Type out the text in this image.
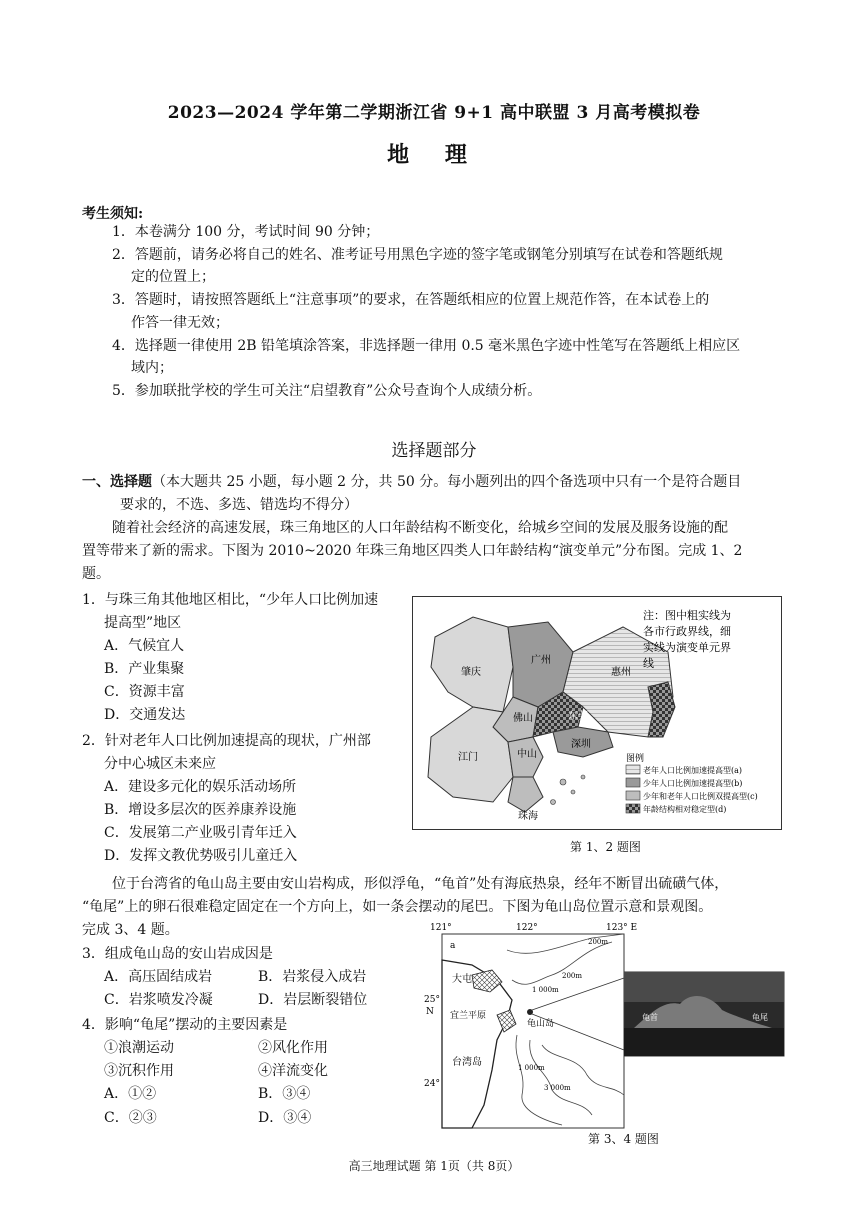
2023—2024 学年第二学期浙江省 9+1 高中联盟 3 月高考模拟卷
地 理
考生须知:
1．本卷满分 100 分，考试时间 90 分钟；
2．答题前，请务必将自己的姓名、准考证号用黑色字迹的签字笔或钢笔分别填写在试卷和答题纸规
定的位置上；
3．答题时，请按照答题纸上“注意事项”的要求，在答题纸相应的位置上规范作答，在本试卷上的
作答一律无效；
4．选择题一律使用 2B 铅笔填涂答案，非选择题一律用 0.5 毫米黑色字迹中性笔写在答题纸上相应区
域内；
5．参加联批学校的学生可关注“启望教育”公众号查询个人成绩分析。
选择题部分
一、选择题（本大题共 25 小题，每小题 2 分，共 50 分。每小题列出的四个备选项中只有一个是符合题目
要求的，不选、多选、错选均不得分）
随着社会经济的高速发展，珠三角地区的人口年龄结构不断变化，给城乡空间的发展及服务设施的配
置等带来了新的需求。下图为 2010~2020 年珠三角地区四类人口年龄结构“演变单元”分布图。完成 1、2
题。
1．与珠三角其他地区相比，“少年人口比例加速
提高型”地区
A．气候宜人
B．产业集聚
C．资源丰富
D．交通发达
2．针对老年人口比例加速提高的现状，广州部
分中心城区未来应
A．建设多元化的娱乐活动场所
B．增设多层次的医养康养设施
C．发展第二产业吸引青年迁入
D．发挥文教优势吸引儿童迁入
肇庆
广州
惠州
佛山	东莞
深圳
中山
江门
珠海
注：图中粗实线为
各市行政界线，细
实线为演变单元界
线
图例
老年人口比例加速提高型(a)
少年人口比例加速提高型(b)
少年和老年人口比例双提高型(c)
年龄结构相对稳定型(d)
第 1、2 题图
位于台湾省的龟山岛主要由安山岩构成，形似浮龟，“龟首”处有海底热泉，经年不断冒出硫磺气体，
“龟尾”上的卵石很难稳定固定在一个方向上，如一条会摆动的尾巴。下图为龟山岛位置示意和景观图。
完成 3、4 题。
3．组成龟山岛的安山岩成因是
A．高压固结成岩	B．岩浆侵入成岩
C．岩浆喷发冷凝	D．岩层断裂错位
4．影响“龟尾”摆动的主要因素是
①浪潮运动	②风化作用
③沉积作用	④洋流变化
A．①②	B．③④
C．②③	D．③④
121°	122°	123° E
a
25°
N
24°
大屯
宜兰平原
龟山岛
台湾岛
200m
200m
1 000m
1 000m
3 000m
龟首	龟尾
第 3、4 题图
高三地理试题 第 1页（共 8页）
